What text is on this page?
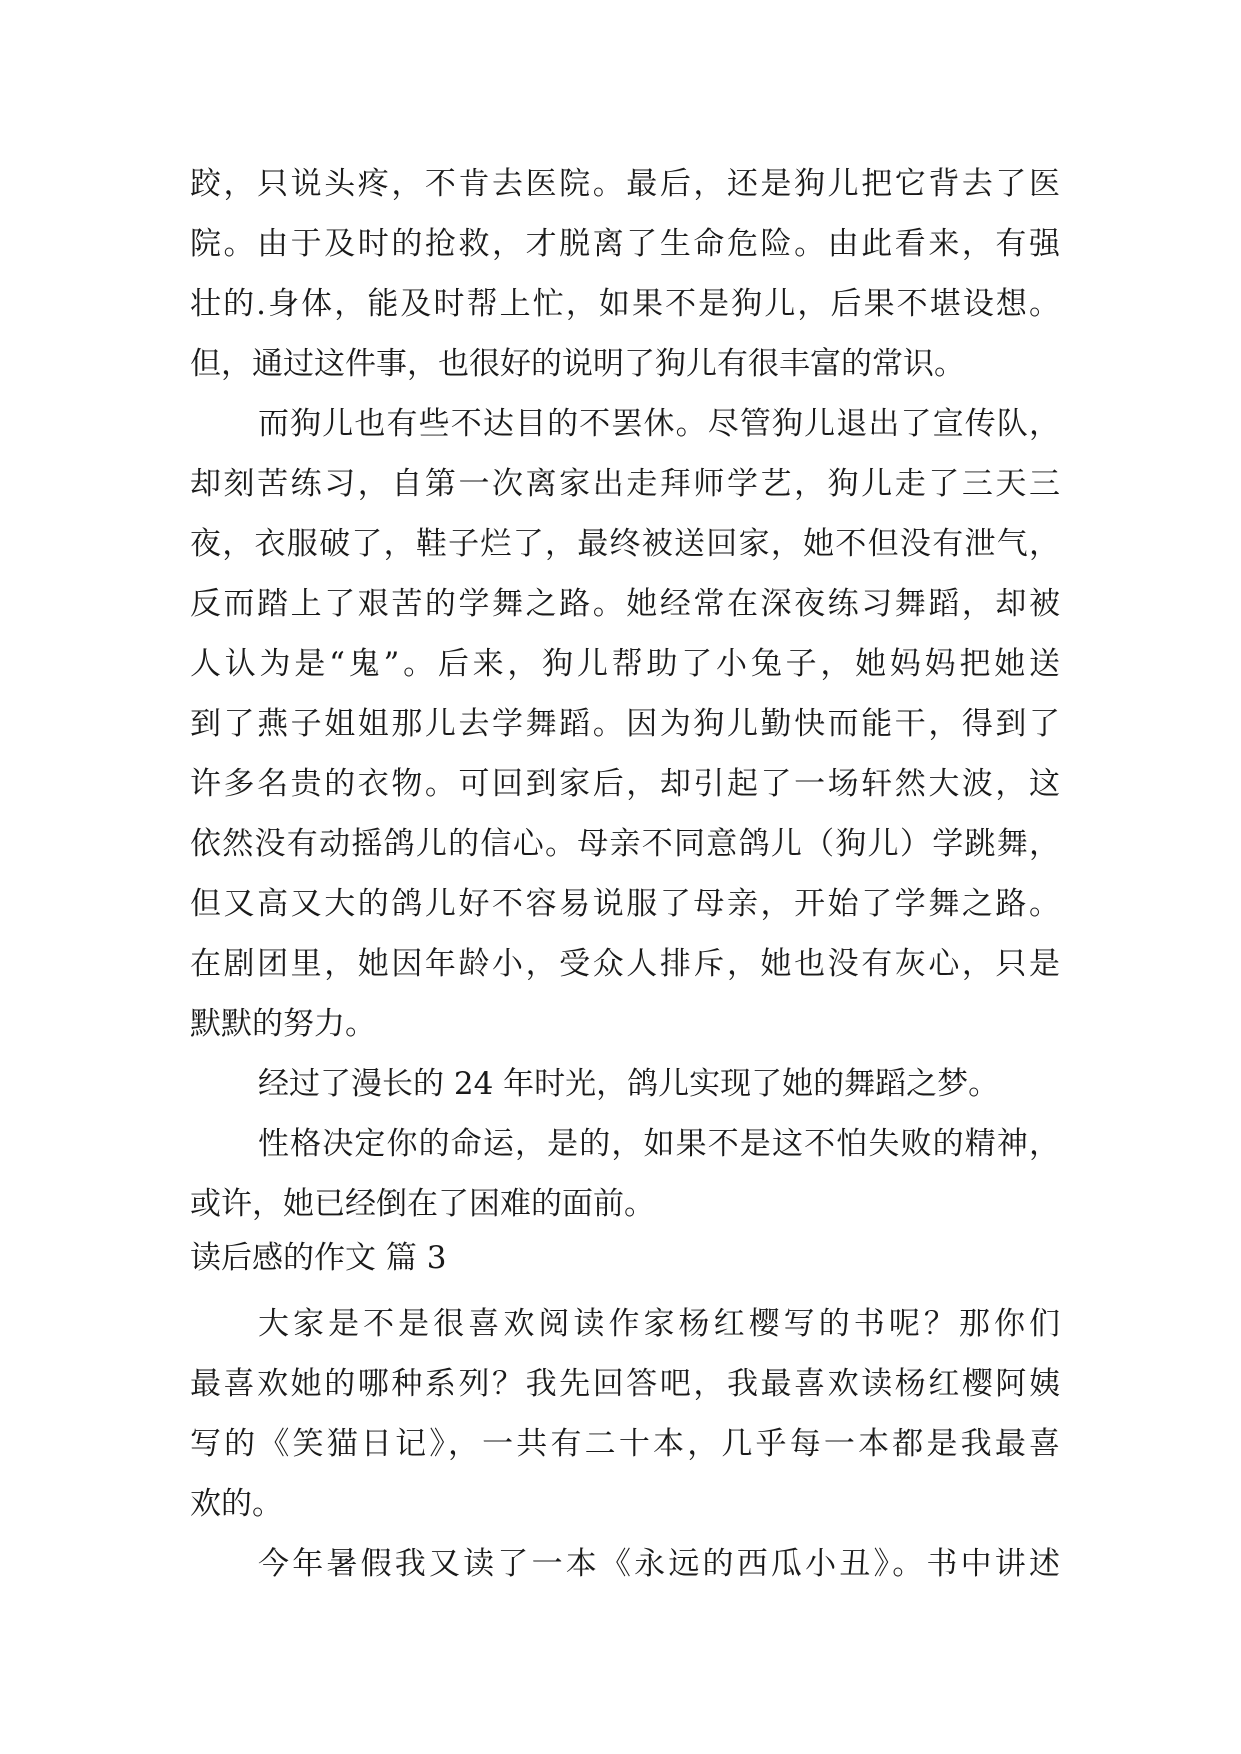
跤，只说头疼，不肯去医院。最后，还是狗儿把它背去了医
院。由于及时的抢救，才脱离了生命危险。由此看来，有强
壮的.身体，能及时帮上忙，如果不是狗儿，后果不堪设想。
但，通过这件事，也很好的说明了狗儿有很丰富的常识。
而狗儿也有些不达目的不罢休。尽管狗儿退出了宣传队，
却刻苦练习，自第一次离家出走拜师学艺，狗儿走了三天三
夜，衣服破了，鞋子烂了，最终被送回家，她不但没有泄气，
反而踏上了艰苦的学舞之路。她经常在深夜练习舞蹈，却被
人认为是“鬼”。后来，狗儿帮助了小兔子，她妈妈把她送
到了燕子姐姐那儿去学舞蹈。因为狗儿勤快而能干，得到了
许多名贵的衣物。可回到家后，却引起了一场轩然大波，这
依然没有动摇鸽儿的信心。母亲不同意鸽儿（狗儿）学跳舞，
但又高又大的鸽儿好不容易说服了母亲，开始了学舞之路。
在剧团里，她因年龄小，受众人排斥，她也没有灰心，只是
默默的努力。
经过了漫长的 24 年时光，鸽儿实现了她的舞蹈之梦。
性格决定你的命运，是的，如果不是这不怕失败的精神，
或许，她已经倒在了困难的面前。
读后感的作文 篇 3
大家是不是很喜欢阅读作家杨红樱写的书呢？那你们
最喜欢她的哪种系列？我先回答吧，我最喜欢读杨红樱阿姨
写的《笑猫日记》，一共有二十本，几乎每一本都是我最喜
欢的。
今年暑假我又读了一本《永远的西瓜小丑》。书中讲述
